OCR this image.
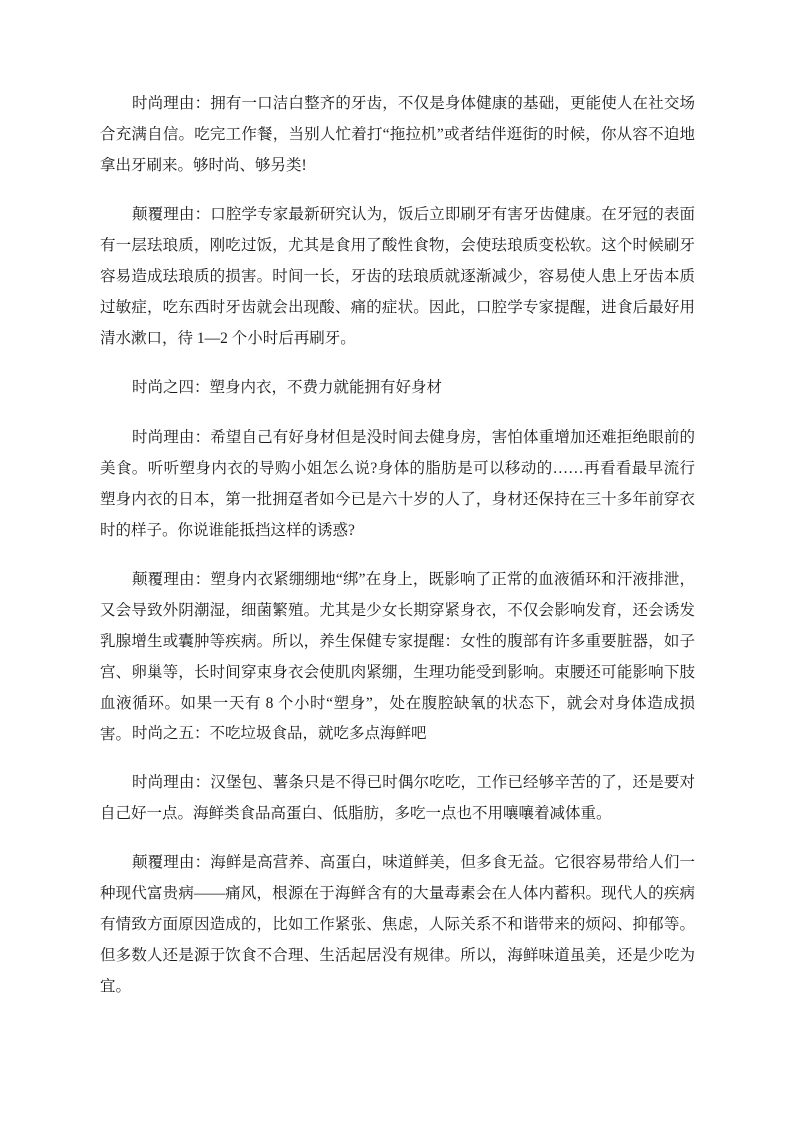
时尚理由：拥有一口洁白整齐的牙齿，不仅是身体健康的基础，更能使人在社交场合充满自信。吃完工作餐，当别人忙着打“拖拉机”或者结伴逛街的时候，你从容不迫地拿出牙刷来。够时尚、够另类!

颠覆理由：口腔学专家最新研究认为，饭后立即刷牙有害牙齿健康。在牙冠的表面有一层珐琅质，刚吃过饭，尤其是食用了酸性食物，会使珐琅质变松软。这个时候刷牙容易造成珐琅质的损害。时间一长，牙齿的珐琅质就逐渐减少，容易使人患上牙齿本质过敏症，吃东西时牙齿就会出现酸、痛的症状。因此，口腔学专家提醒，进食后最好用清水漱口，待 1—2 个小时后再刷牙。

时尚之四：塑身内衣，不费力就能拥有好身材

时尚理由：希望自己有好身材但是没时间去健身房，害怕体重增加还难拒绝眼前的美食。听听塑身内衣的导购小姐怎么说?身体的脂肪是可以移动的……再看看最早流行塑身内衣的日本，第一批拥趸者如今已是六十岁的人了，身材还保持在三十多年前穿衣时的样子。你说谁能抵挡这样的诱惑?

颠覆理由：塑身内衣紧绷绷地“绑”在身上，既影响了正常的血液循环和汗液排泄，又会导致外阴潮湿，细菌繁殖。尤其是少女长期穿紧身衣，不仅会影响发育，还会诱发乳腺增生或囊肿等疾病。所以，养生保健专家提醒：女性的腹部有许多重要脏器，如子宫、卵巢等，长时间穿束身衣会使肌肉紧绷，生理功能受到影响。束腰还可能影响下肢血液循环。如果一天有 8 个小时“塑身”，处在腹腔缺氧的状态下，就会对身体造成损害。 时尚之五：不吃垃圾食品，就吃多点海鲜吧

时尚理由：汉堡包、薯条只是不得已时偶尔吃吃，工作已经够辛苦的了，还是要对自己好一点。海鲜类食品高蛋白、低脂肪，多吃一点也不用嚷嚷着减体重。

颠覆理由：海鲜是高营养、高蛋白，味道鲜美，但多食无益。它很容易带给人们一种现代富贵病——痛风，根源在于海鲜含有的大量毒素会在人体内蓄积。现代人的疾病有情致方面原因造成的，比如工作紧张、焦虑，人际关系不和谐带来的烦闷、抑郁等。但多数人还是源于饮食不合理、生活起居没有规律。所以，海鲜味道虽美，还是少吃为宜。
